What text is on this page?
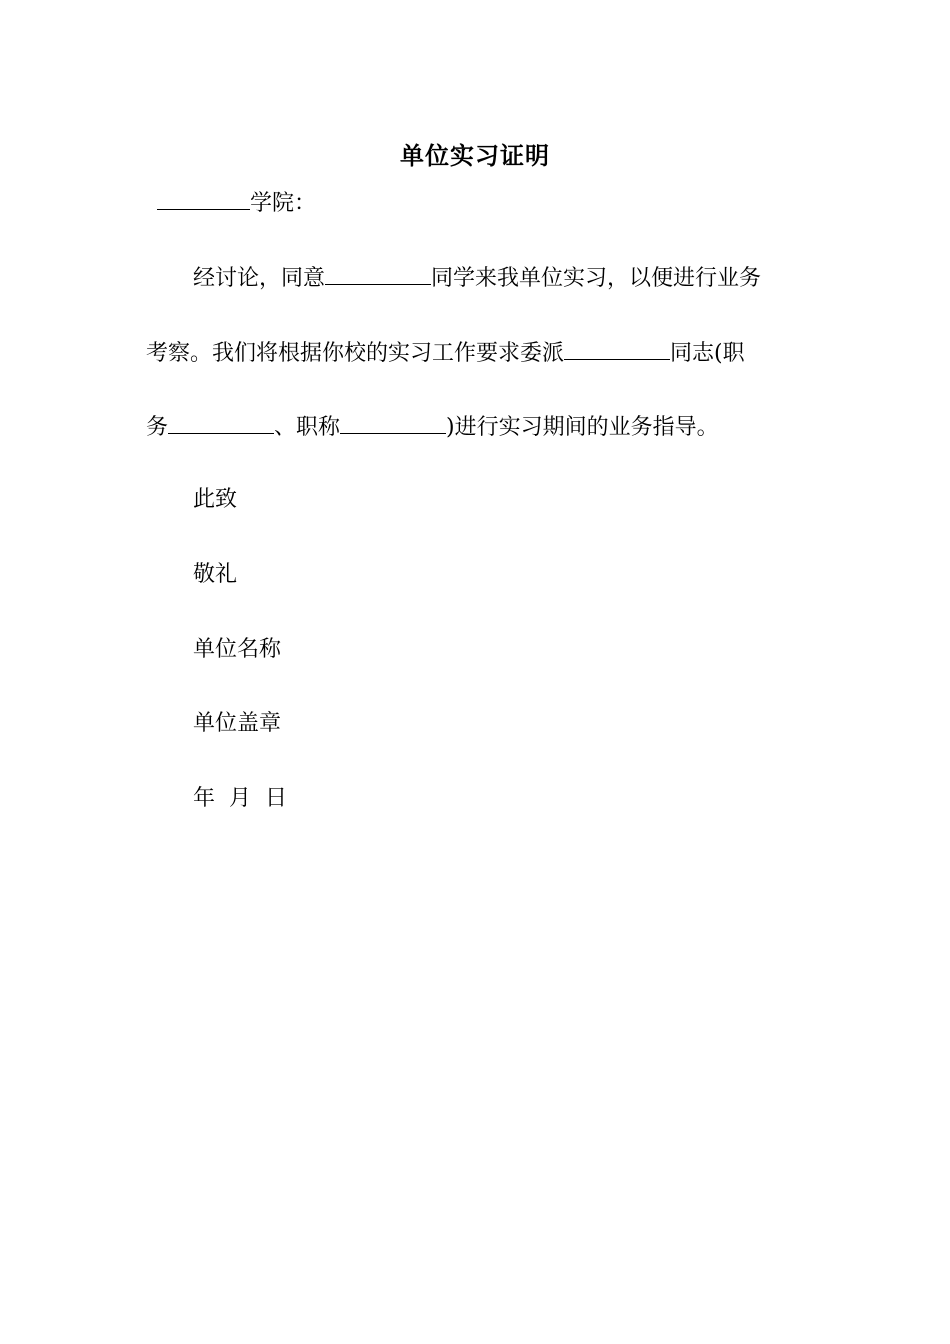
单位实习证明
学院：
经讨论，同意	同学来我单位实习，以便进行业务
考察。我们将根据你校的实习工作要求委派	同志(职
务	、职称	)进行实习期间的业务指导。
此致
敬礼
单位名称
单位盖章
年 月 日
